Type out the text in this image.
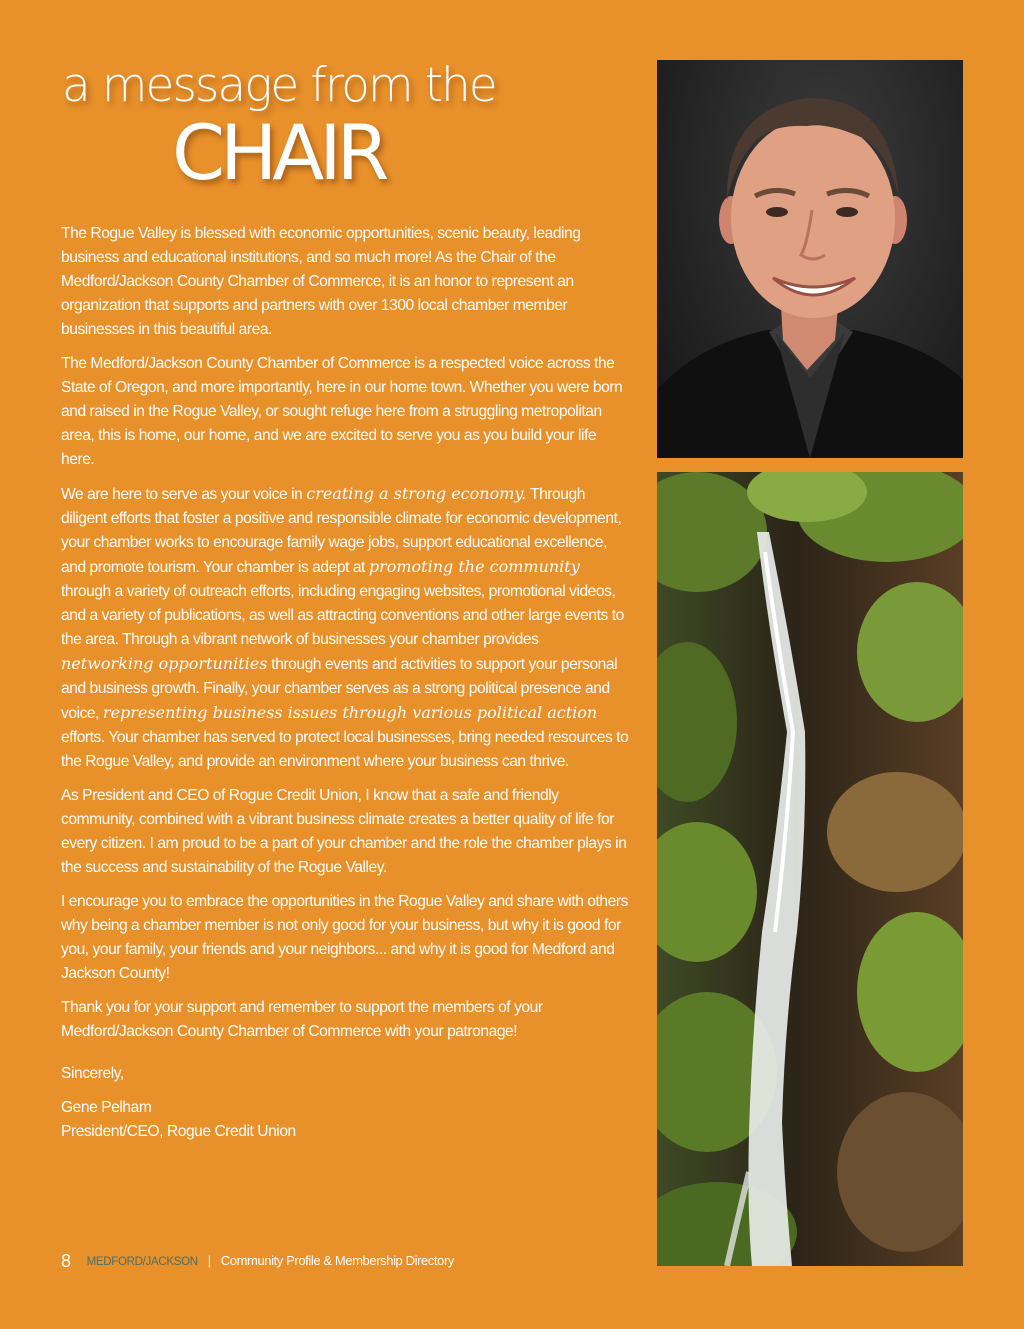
a message from the
CHAIR

The Rogue Valley is blessed with economic opportunities, scenic beauty, leading business and educational institutions, and so much more! As the Chair of the Medford/Jackson County Chamber of Commerce, it is an honor to represent an organization that supports and partners with over 1300 local chamber member businesses in this beautiful area.

The Medford/Jackson County Chamber of Commerce is a respected voice across the State of Oregon, and more importantly, here in our home town. Whether you were born and raised in the Rogue Valley, or sought refuge here from a struggling metropolitan area, this is home, our home, and we are excited to serve you as you build your life here.

We are here to serve as your voice in creating a strong economy. Through diligent efforts that foster a positive and responsible climate for economic development, your chamber works to encourage family wage jobs, support educational excellence, and promote tourism. Your chamber is adept at promoting the community through a variety of outreach efforts, including engaging websites, promotional videos, and a variety of publications, as well as attracting conventions and other large events to the area. Through a vibrant network of businesses your chamber provides networking opportunities through events and activities to support your personal and business growth. Finally, your chamber serves as a strong political presence and voice, representing business issues through various political action efforts. Your chamber has served to protect local businesses, bring needed resources to the Rogue Valley, and provide an environment where your business can thrive.

As President and CEO of Rogue Credit Union, I know that a safe and friendly community, combined with a vibrant business climate creates a better quality of life for every citizen. I am proud to be a part of your chamber and the role the chamber plays in the success and sustainability of the Rogue Valley.

I encourage you to embrace the opportunities in the Rogue Valley and share with others why being a chamber member is not only good for your business, but why it is good for you, your family, your friends and your neighbors... and why it is good for Medford and Jackson County!

Thank you for your support and remember to support the members of your Medford/Jackson County Chamber of Commerce with your patronage!

Sincerely,

Gene Pelham
President/CEO, Rogue Credit Union

8 MEDFORD/JACKSON | Community Profile & Membership Directory
